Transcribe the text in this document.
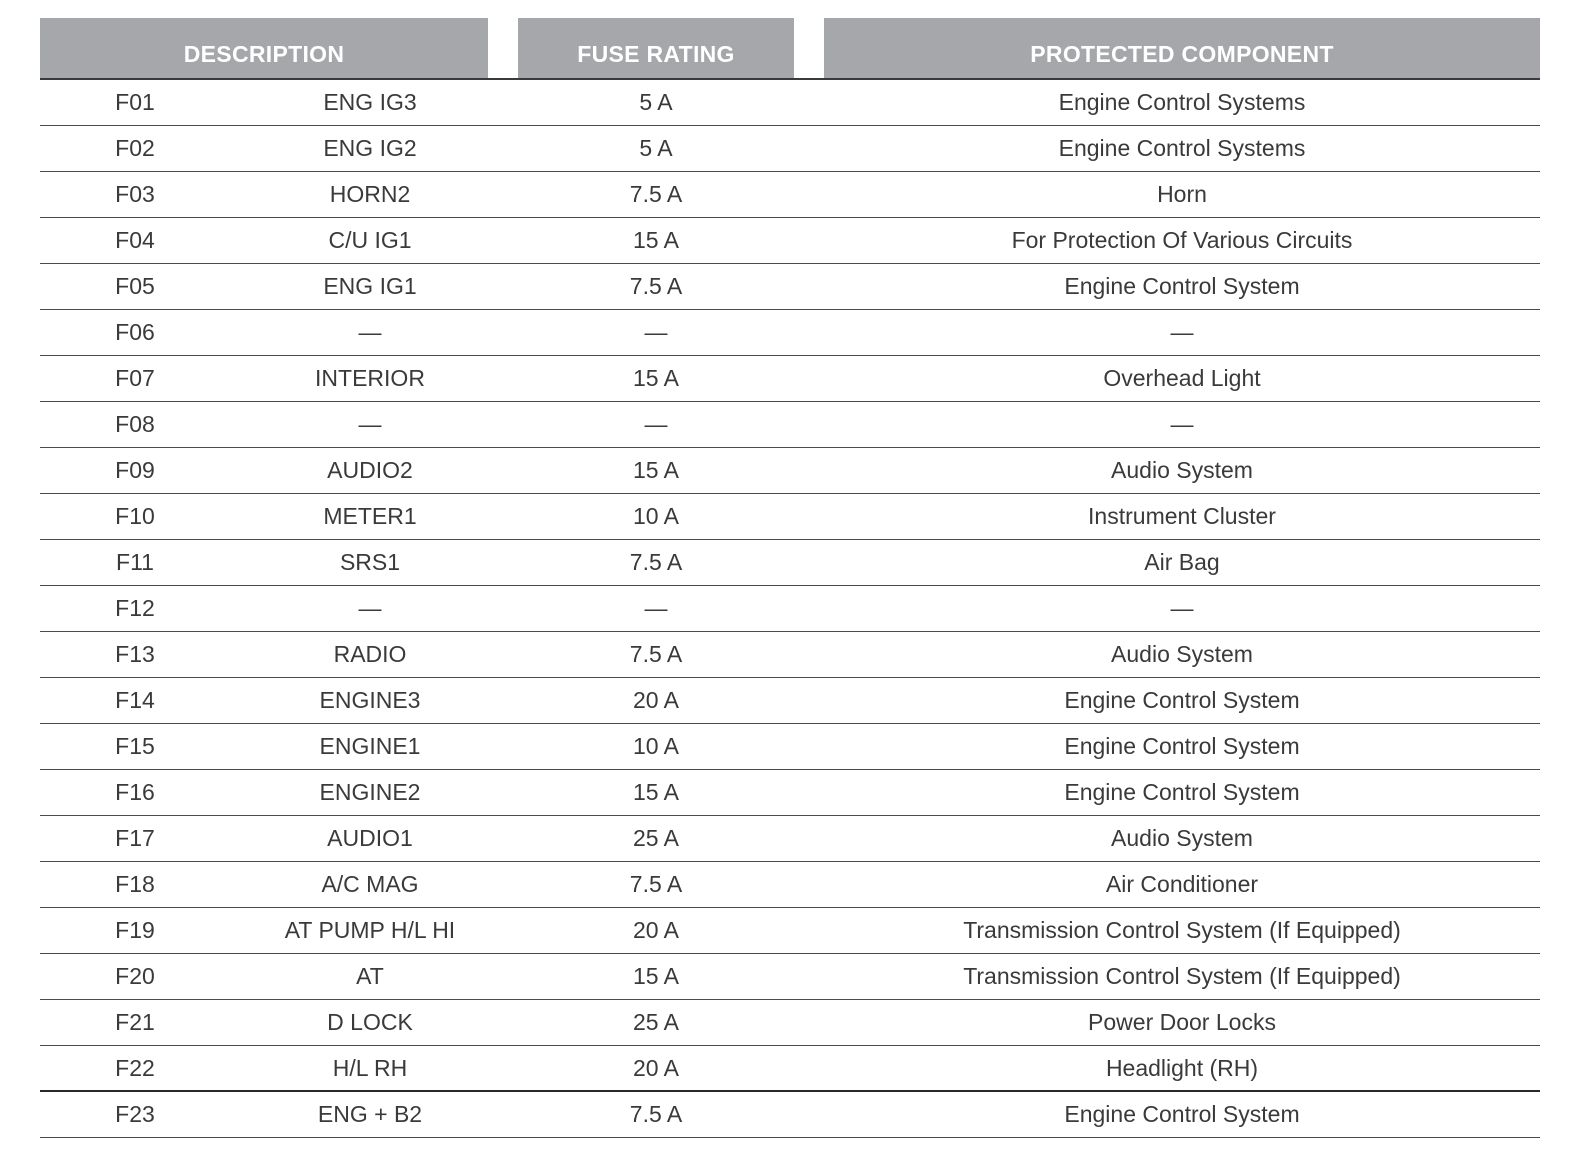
DESCRIPTION	FUSE RATING	PROTECTED COMPONENT
F01	ENG IG3	5 A	Engine Control Systems
F02	ENG IG2	5 A	Engine Control Systems
F03	HORN2	7.5 A	Horn
F04	C/U IG1	15 A	For Protection Of Various Circuits
F05	ENG IG1	7.5 A	Engine Control System
F06	—	—	—
F07	INTERIOR	15 A	Overhead Light
F08	—	—	—
F09	AUDIO2	15 A	Audio System
F10	METER1	10 A	Instrument Cluster
F11	SRS1	7.5 A	Air Bag
F12	—	—	—
F13	RADIO	7.5 A	Audio System
F14	ENGINE3	20 A	Engine Control System
F15	ENGINE1	10 A	Engine Control System
F16	ENGINE2	15 A	Engine Control System
F17	AUDIO1	25 A	Audio System
F18	A/C MAG	7.5 A	Air Conditioner
F19	AT PUMP H/L HI	20 A	Transmission Control System (If Equipped)
F20	AT	15 A	Transmission Control System (If Equipped)
F21	D LOCK	25 A	Power Door Locks
F22	H/L RH	20 A	Headlight (RH)
F23	ENG + B2	7.5 A	Engine Control System
